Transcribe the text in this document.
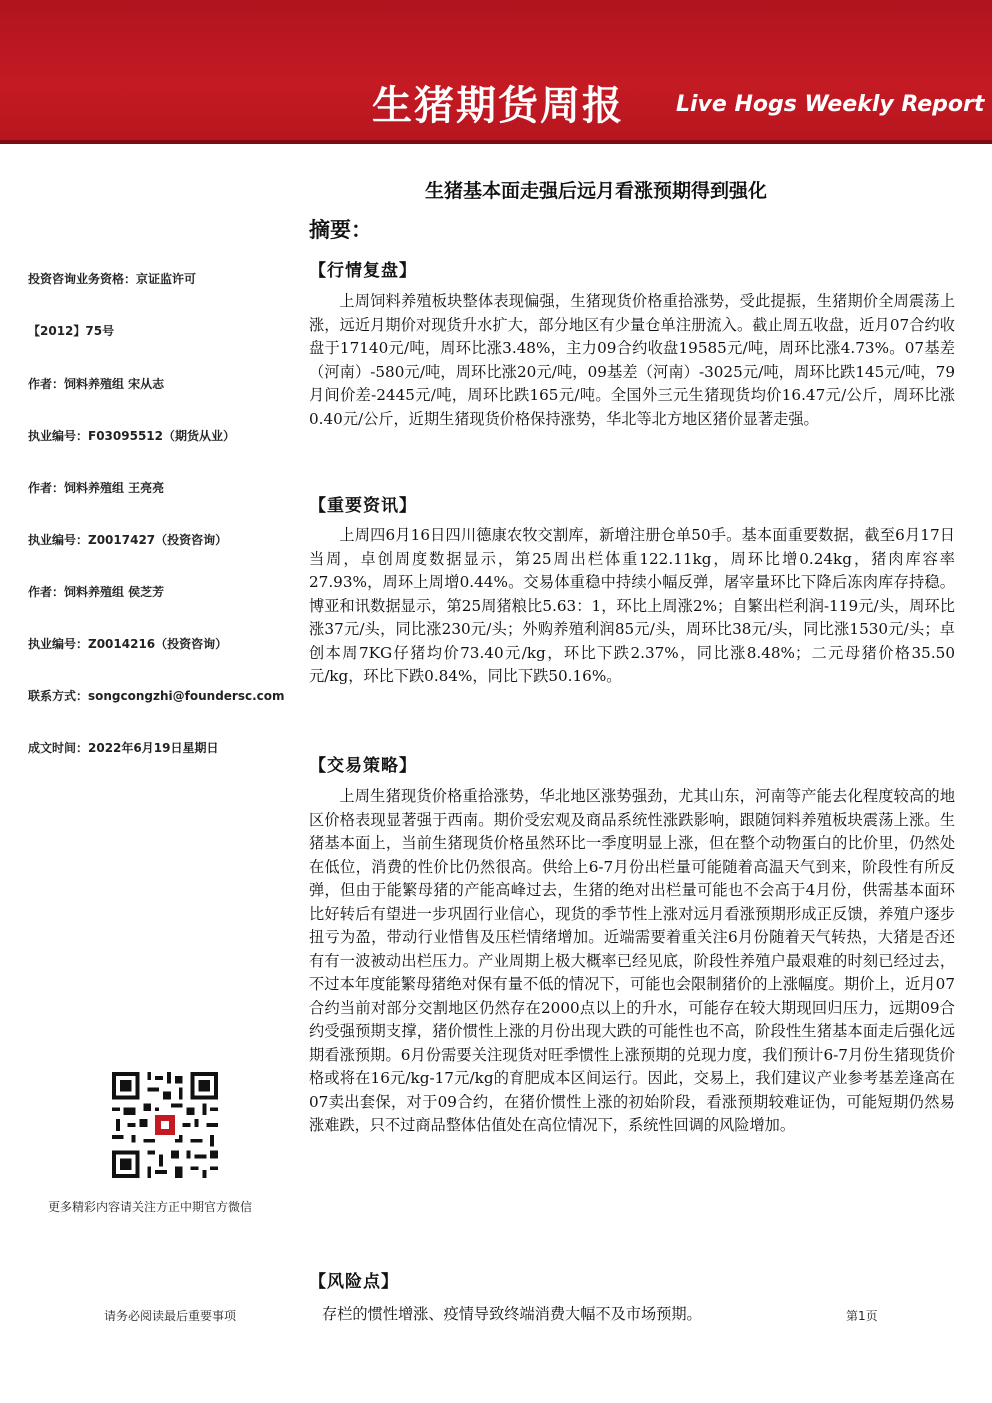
生猪期货周报 Live Hogs Weekly Report
生猪基本面走强后远月看涨预期得到强化
摘要：
投资咨询业务资格：京证监许可
【2012】75号
作者：饲料养殖组 宋从志
执业编号：F03095512（期货从业）
作者：饲料养殖组 王亮亮
执业编号：Z0017427（投资咨询）
作者：饲料养殖组 侯芝芳
执业编号：Z0014216（投资咨询）
联系方式：songcongzhi@foundersc.com
成文时间：2022年6月19日星期日
【行情复盘】

上周饲料养殖板块整体表现偏强，生猪现货价格重拾涨势，受此提振，生猪期价全周震荡上涨，远近月期价对现货升水扩大，部分地区有少量仓单注册流入。截止周五收盘，近月07合约收盘于17140元/吨，周环比涨3.48%，主力09合约收盘19585元/吨，周环比涨4.73%。07基差（河南）-580元/吨，周环比涨20元/吨，09基差（河南）-3025元/吨，周环比跌145元/吨，79月间价差-2445元/吨，周环比跌165元/吨。全国外三元生猪现货均价16.47元/公斤，周环比涨0.40元/公斤，近期生猪现货价格保持涨势，华北等北方地区猪价显著走强。

【重要资讯】

上周四6月16日四川德康农牧交割库，新增注册仓单50手。基本面重要数据，截至6月17日当周，卓创周度数据显示，第25周出栏体重122.11kg，周环比增0.24kg，猪肉库容率27.93%，周环上周增0.44%。交易体重稳中持续小幅反弹，屠宰量环比下降后冻肉库存持稳。博亚和讯数据显示，第25周猪粮比5.63：1，环比上周涨2%；自繁出栏利润-119元/头，周环比涨37元/头，同比涨230元/头；外购养殖利润85元/头，周环比38元/头，同比涨1530元/头；卓创本周7KG仔猪均价73.40元/kg，环比下跌2.37%，同比涨8.48%；二元母猪价格35.50元/kg，环比下跌0.84%，同比下跌50.16%。

【交易策略】

上周生猪现货价格重拾涨势，华北地区涨势强劲，尤其山东，河南等产能去化程度较高的地区价格表现显著强于西南。期价受宏观及商品系统性涨跌影响，跟随饲料养殖板块震荡上涨。生猪基本面上，当前生猪现货价格虽然环比一季度明显上涨，但在整个动物蛋白的比价里，仍然处在低位，消费的性价比仍然很高。供给上6-7月份出栏量可能随着高温天气到来，阶段性有所反弹，但由于能繁母猪的产能高峰过去，生猪的绝对出栏量可能也不会高于4月份，供需基本面环比好转后有望进一步巩固行业信心，现货的季节性上涨对远月看涨预期形成正反馈，养殖户逐步扭亏为盈，带动行业惜售及压栏情绪增加。近端需要着重关注6月份随着天气转热，大猪是否还有有一波被动出栏压力。产业周期上极大概率已经见底，阶段性养殖户最艰难的时刻已经过去，不过本年度能繁母猪绝对保有量不低的情况下，可能也会限制猪价的上涨幅度。期价上，近月07合约当前对部分交割地区仍然存在2000点以上的升水，可能存在较大期现回归压力，远期09合约受强预期支撑，猪价惯性上涨的月份出现大跌的可能性也不高，阶段性生猪基本面走后强化远期看涨预期。6月份需要关注现货对旺季惯性上涨预期的兑现力度，我们预计6-7月份生猪现货价格或将在16元/kg-17元/kg的育肥成本区间运行。因此，交易上，我们建议产业参考基差逢高在07卖出套保，对于09合约，在猪价惯性上涨的初始阶段，看涨预期较难证伪，可能短期仍然易涨难跌，只不过商品整体估值处在高位情况下，系统性回调的风险增加。

【风险点】
存栏的惯性增涨、疫情导致终端消费大幅不及市场预期。
更多精彩内容请关注方正中期官方微信
请务必阅读最后重要事项	第1页
